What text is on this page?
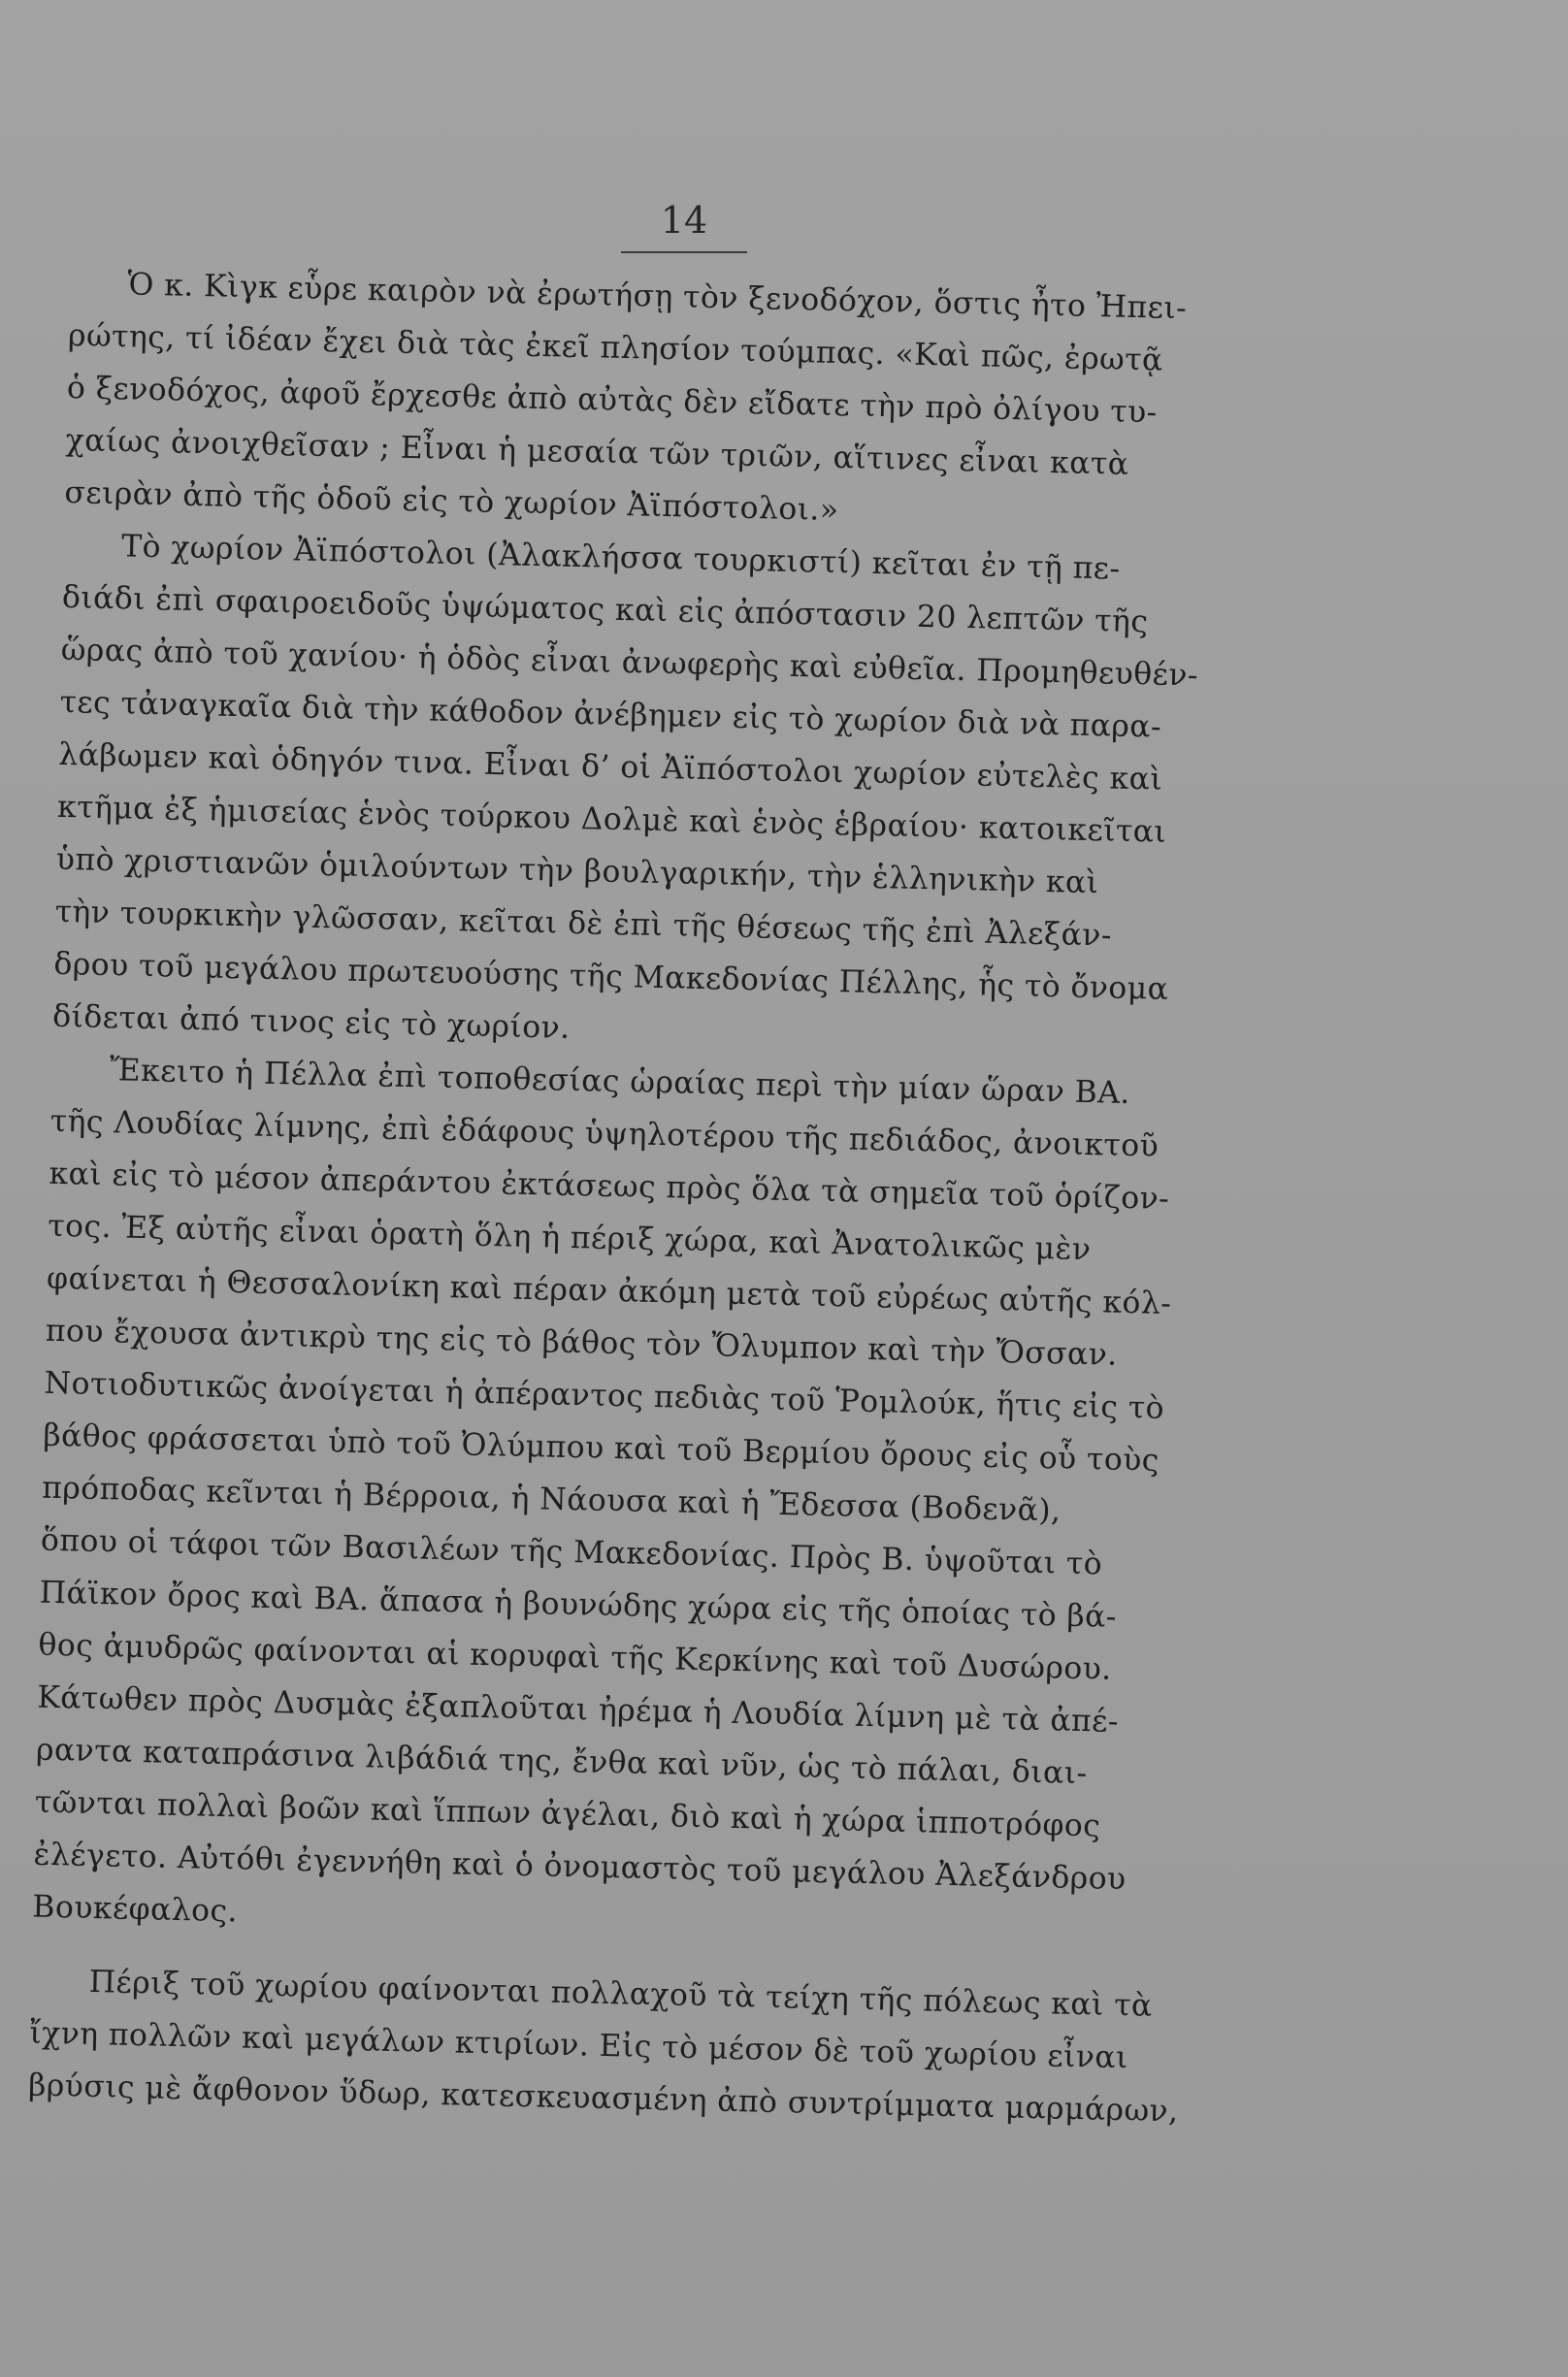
14
Ὁ κ. Κὶγκ εὗρε καιρὸν νὰ ἐρωτήσῃ τὸν ξενοδόχον, ὅστις ἦτο Ἠπει-
ρώτης, τί ἰδέαν ἔχει διὰ τὰς ἐκεῖ πλησίον τούμπας. «Καὶ πῶς, ἐρωτᾷ
ὁ ξενοδόχος, ἀφοῦ ἔρχεσθε ἀπὸ αὐτὰς δὲν εἴδατε τὴν πρὸ ὀλίγου τυ-
χαίως ἀνοιχθεῖσαν ; Εἶναι ἡ μεσαία τῶν τριῶν, αἵτινες εἶναι κατὰ
σειρὰν ἀπὸ τῆς ὁδοῦ εἰς τὸ χωρίον Ἀϊπόστολοι.»
Τὸ χωρίον Ἀϊπόστολοι (Ἀλακλήσσα τουρκιστί) κεῖται ἐν τῇ πε-
διάδι ἐπὶ σφαιροειδοῦς ὑψώματος καὶ εἰς ἀπόστασιν 20 λεπτῶν τῆς
ὥρας ἀπὸ τοῦ χανίου· ἡ ὁδὸς εἶναι ἀνωφερὴς καὶ εὐθεῖα. Προμηθευθέν-
τες τἀναγκαῖα διὰ τὴν κάθοδον ἀνέβημεν εἰς τὸ χωρίον διὰ νὰ παρα-
λάβωμεν καὶ ὁδηγόν τινα. Εἶναι δ’ οἱ Ἀϊπόστολοι χωρίον εὐτελὲς καὶ
κτῆμα ἐξ ἡμισείας ἑνὸς τούρκου Δολμὲ καὶ ἑνὸς ἑβραίου· κατοικεῖται
ὑπὸ χριστιανῶν ὁμιλούντων τὴν βουλγαρικήν, τὴν ἑλληνικὴν καὶ
τὴν τουρκικὴν γλῶσσαν, κεῖται δὲ ἐπὶ τῆς θέσεως τῆς ἐπὶ Ἀλεξάν-
δρου τοῦ μεγάλου πρωτευούσης τῆς Μακεδονίας Πέλλης, ἧς τὸ ὄνομα
δίδεται ἀπό τινος εἰς τὸ χωρίον.
Ἔκειτο ἡ Πέλλα ἐπὶ τοποθεσίας ὡραίας περὶ τὴν μίαν ὥραν ΒΑ.
τῆς Λουδίας λίμνης, ἐπὶ ἐδάφους ὑψηλοτέρου τῆς πεδιάδος, ἀνοικτοῦ
καὶ εἰς τὸ μέσον ἀπεράντου ἐκτάσεως πρὸς ὅλα τὰ σημεῖα τοῦ ὁρίζον-
τος. Ἐξ αὐτῆς εἶναι ὁρατὴ ὅλη ἡ πέριξ χώρα, καὶ Ἀνατολικῶς μὲν
φαίνεται ἡ Θεσσαλονίκη καὶ πέραν ἀκόμη μετὰ τοῦ εὐρέως αὐτῆς κόλ-
που ἔχουσα ἀντικρὺ της εἰς τὸ βάθος τὸν Ὄλυμπον καὶ τὴν Ὄσσαν.
Νοτιοδυτικῶς ἀνοίγεται ἡ ἀπέραντος πεδιὰς τοῦ Ῥομλούκ, ἥτις εἰς τὸ
βάθος φράσσεται ὑπὸ τοῦ Ὀλύμπου καὶ τοῦ Βερμίου ὄρους εἰς οὗ τοὺς
πρόποδας κεῖνται ἡ Βέρροια, ἡ Νάουσα καὶ ἡ Ἔδεσσα (Βοδενᾶ),
ὅπου οἱ τάφοι τῶν Βασιλέων τῆς Μακεδονίας. Πρὸς Β. ὑψοῦται τὸ
Πάϊκον ὄρος καὶ ΒΑ. ἅπασα ἡ βουνώδης χώρα εἰς τῆς ὁποίας τὸ βά-
θος ἀμυδρῶς φαίνονται αἱ κορυφαὶ τῆς Κερκίνης καὶ τοῦ Δυσώρου.
Κάτωθεν πρὸς Δυσμὰς ἐξαπλοῦται ἠρέμα ἡ Λουδία λίμνη μὲ τὰ ἀπέ-
ραντα καταπράσινα λιβάδιά της, ἔνθα καὶ νῦν, ὡς τὸ πάλαι, διαι-
τῶνται πολλαὶ βοῶν καὶ ἵππων ἀγέλαι, διὸ καὶ ἡ χώρα ἱπποτρόφος
ἐλέγετο. Αὐτόθι ἐγεννήθη καὶ ὁ ὀνομαστὸς τοῦ μεγάλου Ἀλεξάνδρου
Βουκέφαλος.
Πέριξ τοῦ χωρίου φαίνονται πολλαχοῦ τὰ τείχη τῆς πόλεως καὶ τὰ
ἴχνη πολλῶν καὶ μεγάλων κτιρίων. Εἰς τὸ μέσον δὲ τοῦ χωρίου εἶναι
βρύσις μὲ ἄφθονον ὕδωρ, κατεσκευασμένη ἀπὸ συντρίμματα μαρμάρων,
